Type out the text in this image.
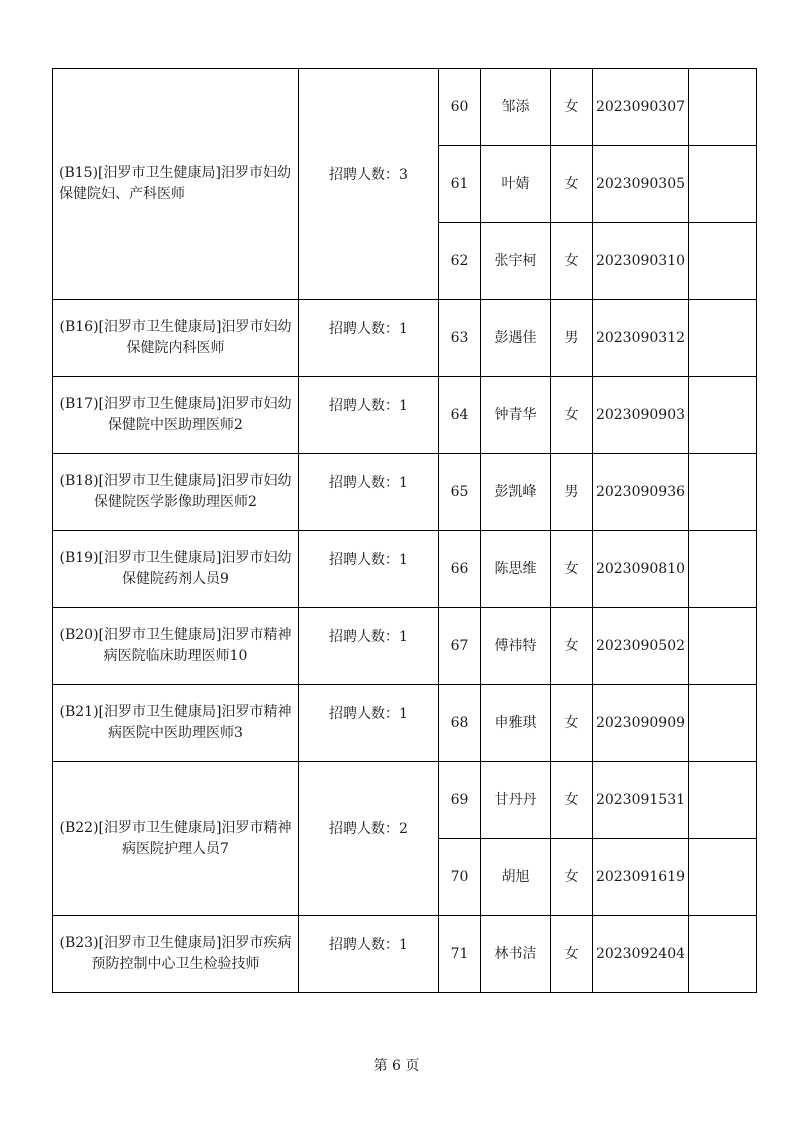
(B15)[汨罗市卫生健康局]汨罗市妇幼保健院妇、产科医师	招聘人数：3	60	邹添	女	2023090307	
		61	叶婧	女	2023090305	
		62	张宇柯	女	2023090310	
(B16)[汨罗市卫生健康局]汨罗市妇幼保健院内科医师	招聘人数：1	63	彭遇佳	男	2023090312	
(B17)[汨罗市卫生健康局]汨罗市妇幼保健院中医助理医师2	招聘人数：1	64	钟青华	女	2023090903	
(B18)[汨罗市卫生健康局]汨罗市妇幼保健院医学影像助理医师2	招聘人数：1	65	彭凯峰	男	2023090936	
(B19)[汨罗市卫生健康局]汨罗市妇幼保健院药剂人员9	招聘人数：1	66	陈思维	女	2023090810	
(B20)[汨罗市卫生健康局]汨罗市精神病医院临床助理医师10	招聘人数：1	67	傅祎特	女	2023090502	
(B21)[汨罗市卫生健康局]汨罗市精神病医院中医助理医师3	招聘人数：1	68	申雅琪	女	2023090909	
(B22)[汨罗市卫生健康局]汨罗市精神病医院护理人员7	招聘人数：2	69	甘丹丹	女	2023091531	
		70	胡旭	女	2023091619	
(B23)[汨罗市卫生健康局]汨罗市疾病预防控制中心卫生检验技师	招聘人数：1	71	林书洁	女	2023092404	
第 6 页
